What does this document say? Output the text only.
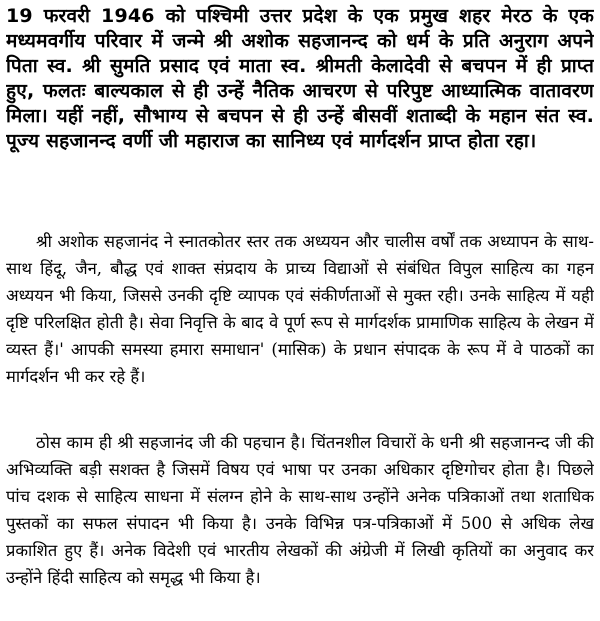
19 फरवरी 1946 को पश्चिमी उत्तर प्रदेश के एक प्रमुख शहर मेरठ के एक मध्यमवर्गीय परिवार में जन्मे श्री अशोक सहजानन्द को धर्म के प्रति अनुराग अपने पिता स्व. श्री सुमति प्रसाद एवं माता स्व. श्रीमती केलादेवी से बचपन में ही प्राप्त हुए, फलतः बाल्यकाल से ही उन्हें नैतिक आचरण से परिपुष्ट आध्यात्मिक वातावरण मिला। यहीं नहीं, सौभाग्य से बचपन से ही उन्हें बीसवीं शताब्दी के महान संत स्व. पूज्य सहजानन्द वर्णी जी महाराज का सानिध्य एवं मार्गदर्शन प्राप्त होता रहा।

श्री अशोक सहजानंद ने स्नातकोतर स्तर तक अध्ययन और चालीस वर्षों तक अध्यापन के साथ-साथ हिंदू, जैन, बौद्ध एवं शाक्त संप्रदाय के प्राच्य विद्याओं से संबंधित विपुल साहित्य का गहन अध्ययन भी किया, जिससे उनकी दृष्टि व्यापक एवं संकीर्णताओं से मुक्त रही। उनके साहित्य में यही दृष्टि परिलक्षित होती है। सेवा निवृत्ति के बाद वे पूर्ण रूप से मार्गदर्शक प्रामाणिक साहित्य के लेखन में व्यस्त हैं।' आपकी समस्या हमारा समाधान' (मासिक) के प्रधान संपादक के रूप में वे पाठकों का मार्गदर्शन भी कर रहे हैं।

ठोस काम ही श्री सहजानंद जी की पहचान है। चिंतनशील विचारों के धनी श्री सहजानन्द जी की अभिव्यक्ति बड़ी सशक्त है जिसमें विषय एवं भाषा पर उनका अधिकार दृष्टिगोचर होता है। पिछले पांच दशक से साहित्य साधना में संलग्न होने के साथ-साथ उन्होंने अनेक पत्रिकाओं तथा शताधिक पुस्तकों का सफल संपादन भी किया है। उनके विभिन्न पत्र-पत्रिकाओं में 500 से अधिक लेख प्रकाशित हुए हैं। अनेक विदेशी एवं भारतीय लेखकों की अंग्रेजी में लिखी कृतियों का अनुवाद कर उन्होंने हिंदी साहित्य को समृद्ध भी किया है।
